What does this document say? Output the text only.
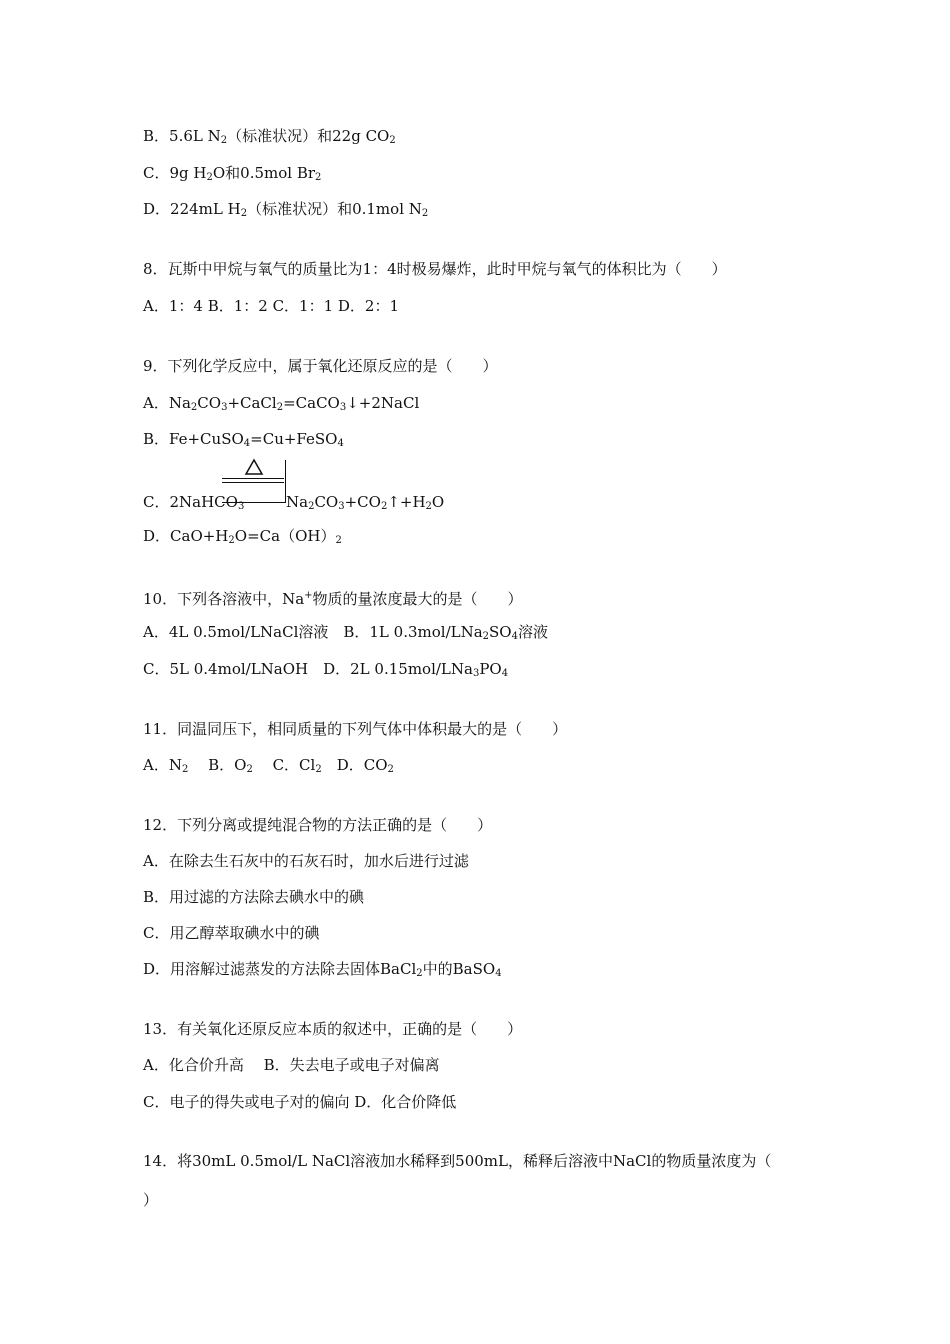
B．5.6L $N_2$（标准状况）和22g $CO_2$
C．9g $H_2O$和0.5mol $Br_2$
D．224mL $H_2$（标准状况）和0.1mol $N_2$
8．瓦斯中甲烷与氧气的质量比为1：4时极易爆炸，此时甲烷与氧气的体积比为（　　）
A．1：4 B．1：2 C．1：1 D．2：1
9．下列化学反应中，属于氧化还原反应的是（　　）
A．$Na_2CO_3+CaCl_2=CaCO_3↓+2NaCl$
B．Fe+CuSO$_4$=Cu+FeSO$_4$
C．2NaHCO$_3$	$Na_2CO_3+CO_2↑+H_2O$
D．$CaO+H_2O=Ca(OH)_2$
10．下列各溶液中，Na+物质的量浓度最大的是（　　）
A．4L 0.5mol/LNaCl溶液　B．1L $0.3mol/LNa_2SO_4$溶液
C．5L 0.4mol/LNaOH　D．2L $0.15mol/LNa_3PO_4$
11．同温同压下，相同质量的下列气体中体积最大的是（　　）
A．$N_2$　 B．$O_2$　 C．$Cl_2$　D．$CO_2$
12．下列分离或提纯混合物的方法正确的是（　　）
A．在除去生石灰中的石灰石时，加水后进行过滤
B．用过滤的方法除去碘水中的碘
C．用乙醇萃取碘水中的碘
D．用溶解过滤蒸发的方法除去固体BaCl$_2$中的BaSO$_4$
13．有关氧化还原反应本质的叙述中，正确的是（　　）
A．化合价升高　 B．失去电子或电子对偏离
C．电子的得失或电子对的偏向 D．化合价降低
14．将30mL 0.5mol/L NaCl溶液加水稀释到500mL，稀释后溶液中NaCl的物质量浓度为（
）
